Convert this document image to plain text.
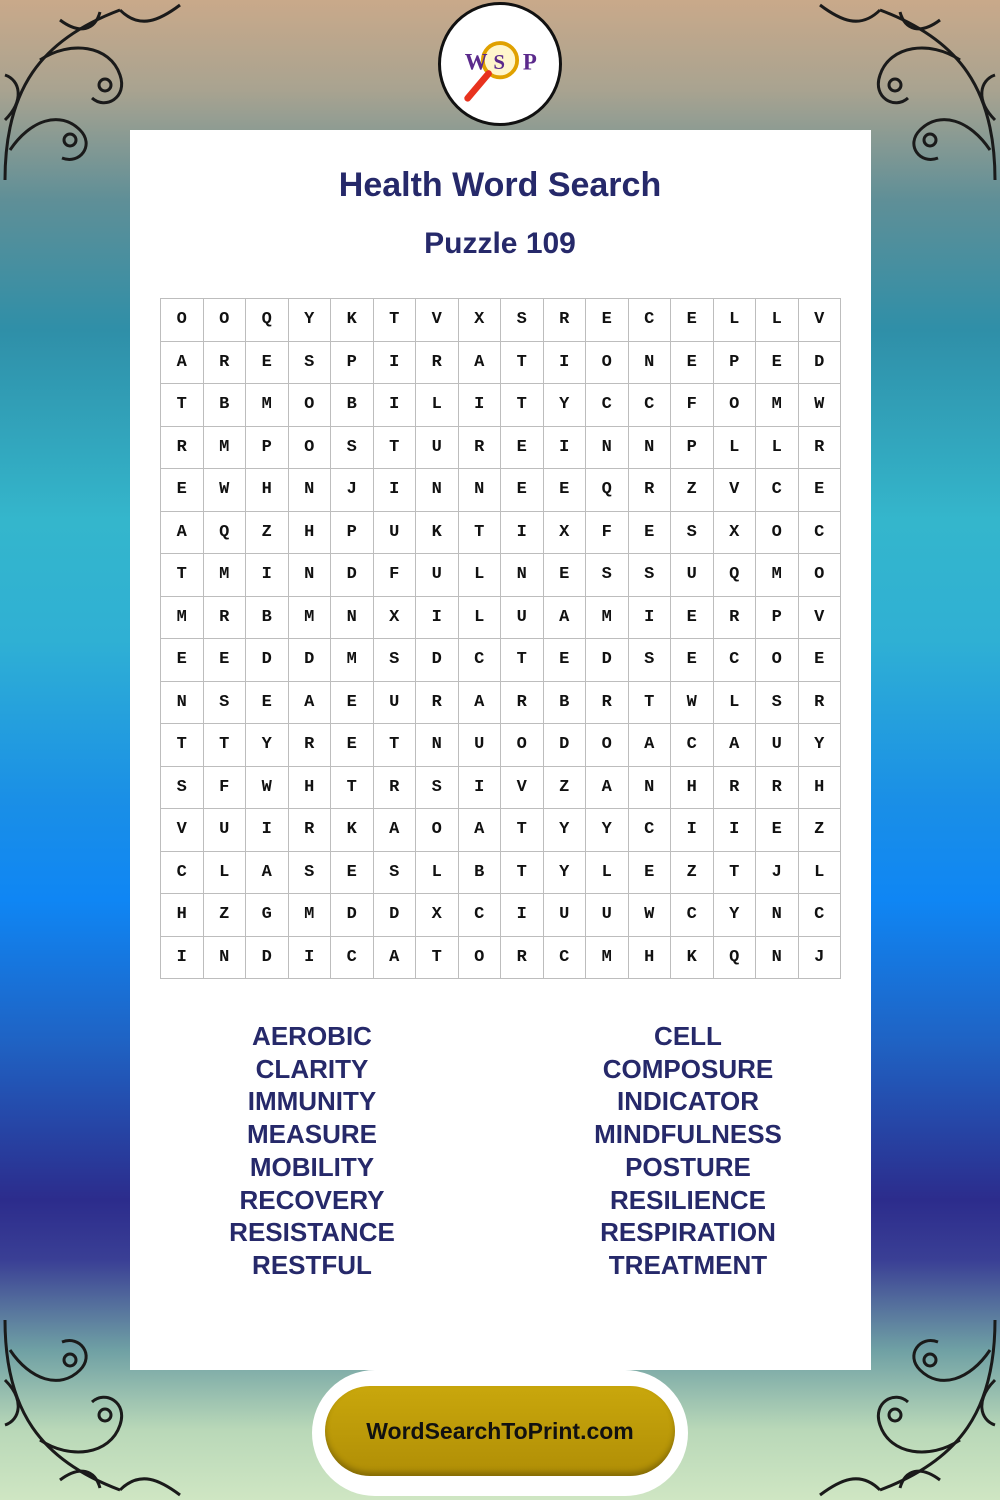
W S P
Health Word Search
Puzzle 109
O	O	Q	Y	K	T	V	X	S	R	E	C	E	L	L	V
A	R	E	S	P	I	R	A	T	I	O	N	E	P	E	D
T	B	M	O	B	I	L	I	T	Y	C	C	F	O	M	W
R	M	P	O	S	T	U	R	E	I	N	N	P	L	L	R
E	W	H	N	J	I	N	N	E	E	Q	R	Z	V	C	E
A	Q	Z	H	P	U	K	T	I	X	F	E	S	X	O	C
T	M	I	N	D	F	U	L	N	E	S	S	U	Q	M	O
M	R	B	M	N	X	I	L	U	A	M	I	E	R	P	V
E	E	D	D	M	S	D	C	T	E	D	S	E	C	O	E
N	S	E	A	E	U	R	A	R	B	R	T	W	L	S	R
T	T	Y	R	E	T	N	U	O	D	O	A	C	A	U	Y
S	F	W	H	T	R	S	I	V	Z	A	N	H	R	R	H
V	U	I	R	K	A	O	A	T	Y	Y	C	I	I	E	Z
C	L	A	S	E	S	L	B	T	Y	L	E	Z	T	J	L
H	Z	G	M	D	D	X	C	I	U	U	W	C	Y	N	C
I	N	D	I	C	A	T	O	R	C	M	H	K	Q	N	J
AEROBIC
CLARITY
IMMUNITY
MEASURE
MOBILITY
RECOVERY
RESISTANCE
RESTFUL
CELL
COMPOSURE
INDICATOR
MINDFULNESS
POSTURE
RESILIENCE
RESPIRATION
TREATMENT
WordSearchToPrint.com
